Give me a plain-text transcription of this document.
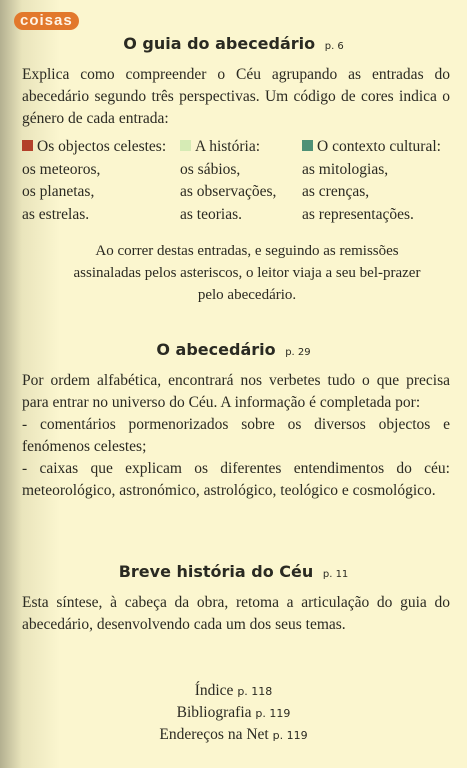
coisas
O guia do abecedário p. 6
Explica como compreender o Céu agrupando as entradas do abecedário segundo três perspectivas. Um código de cores indica o género de cada entrada:
Os objectos celestes:
os meteoros,
os planetas,
as estrelas.
A história:
os sábios,
as observações,
as teorias.
O contexto cultural:
as mitologias,
as crenças,
as representações.
Ao correr destas entradas, e seguindo as remissões assinaladas pelos asteriscos, o leitor viaja a seu bel-prazer pelo abecedário.
O abecedário p. 29
Por ordem alfabética, encontrará nos verbetes tudo o que precisa para entrar no universo do Céu. A informação é completada por:
- comentários pormenorizados sobre os diversos objectos e fenómenos celestes;
- caixas que explicam os diferentes entendimentos do céu: meteorológico, astronómico, astrológico, teológico e cosmológico.
Breve história do Céu p. 11
Esta síntese, à cabeça da obra, retoma a articulação do guia do abecedário, desenvolvendo cada um dos seus temas.
Índice p. 118
Bibliografia p. 119
Endereços na Net p. 119
